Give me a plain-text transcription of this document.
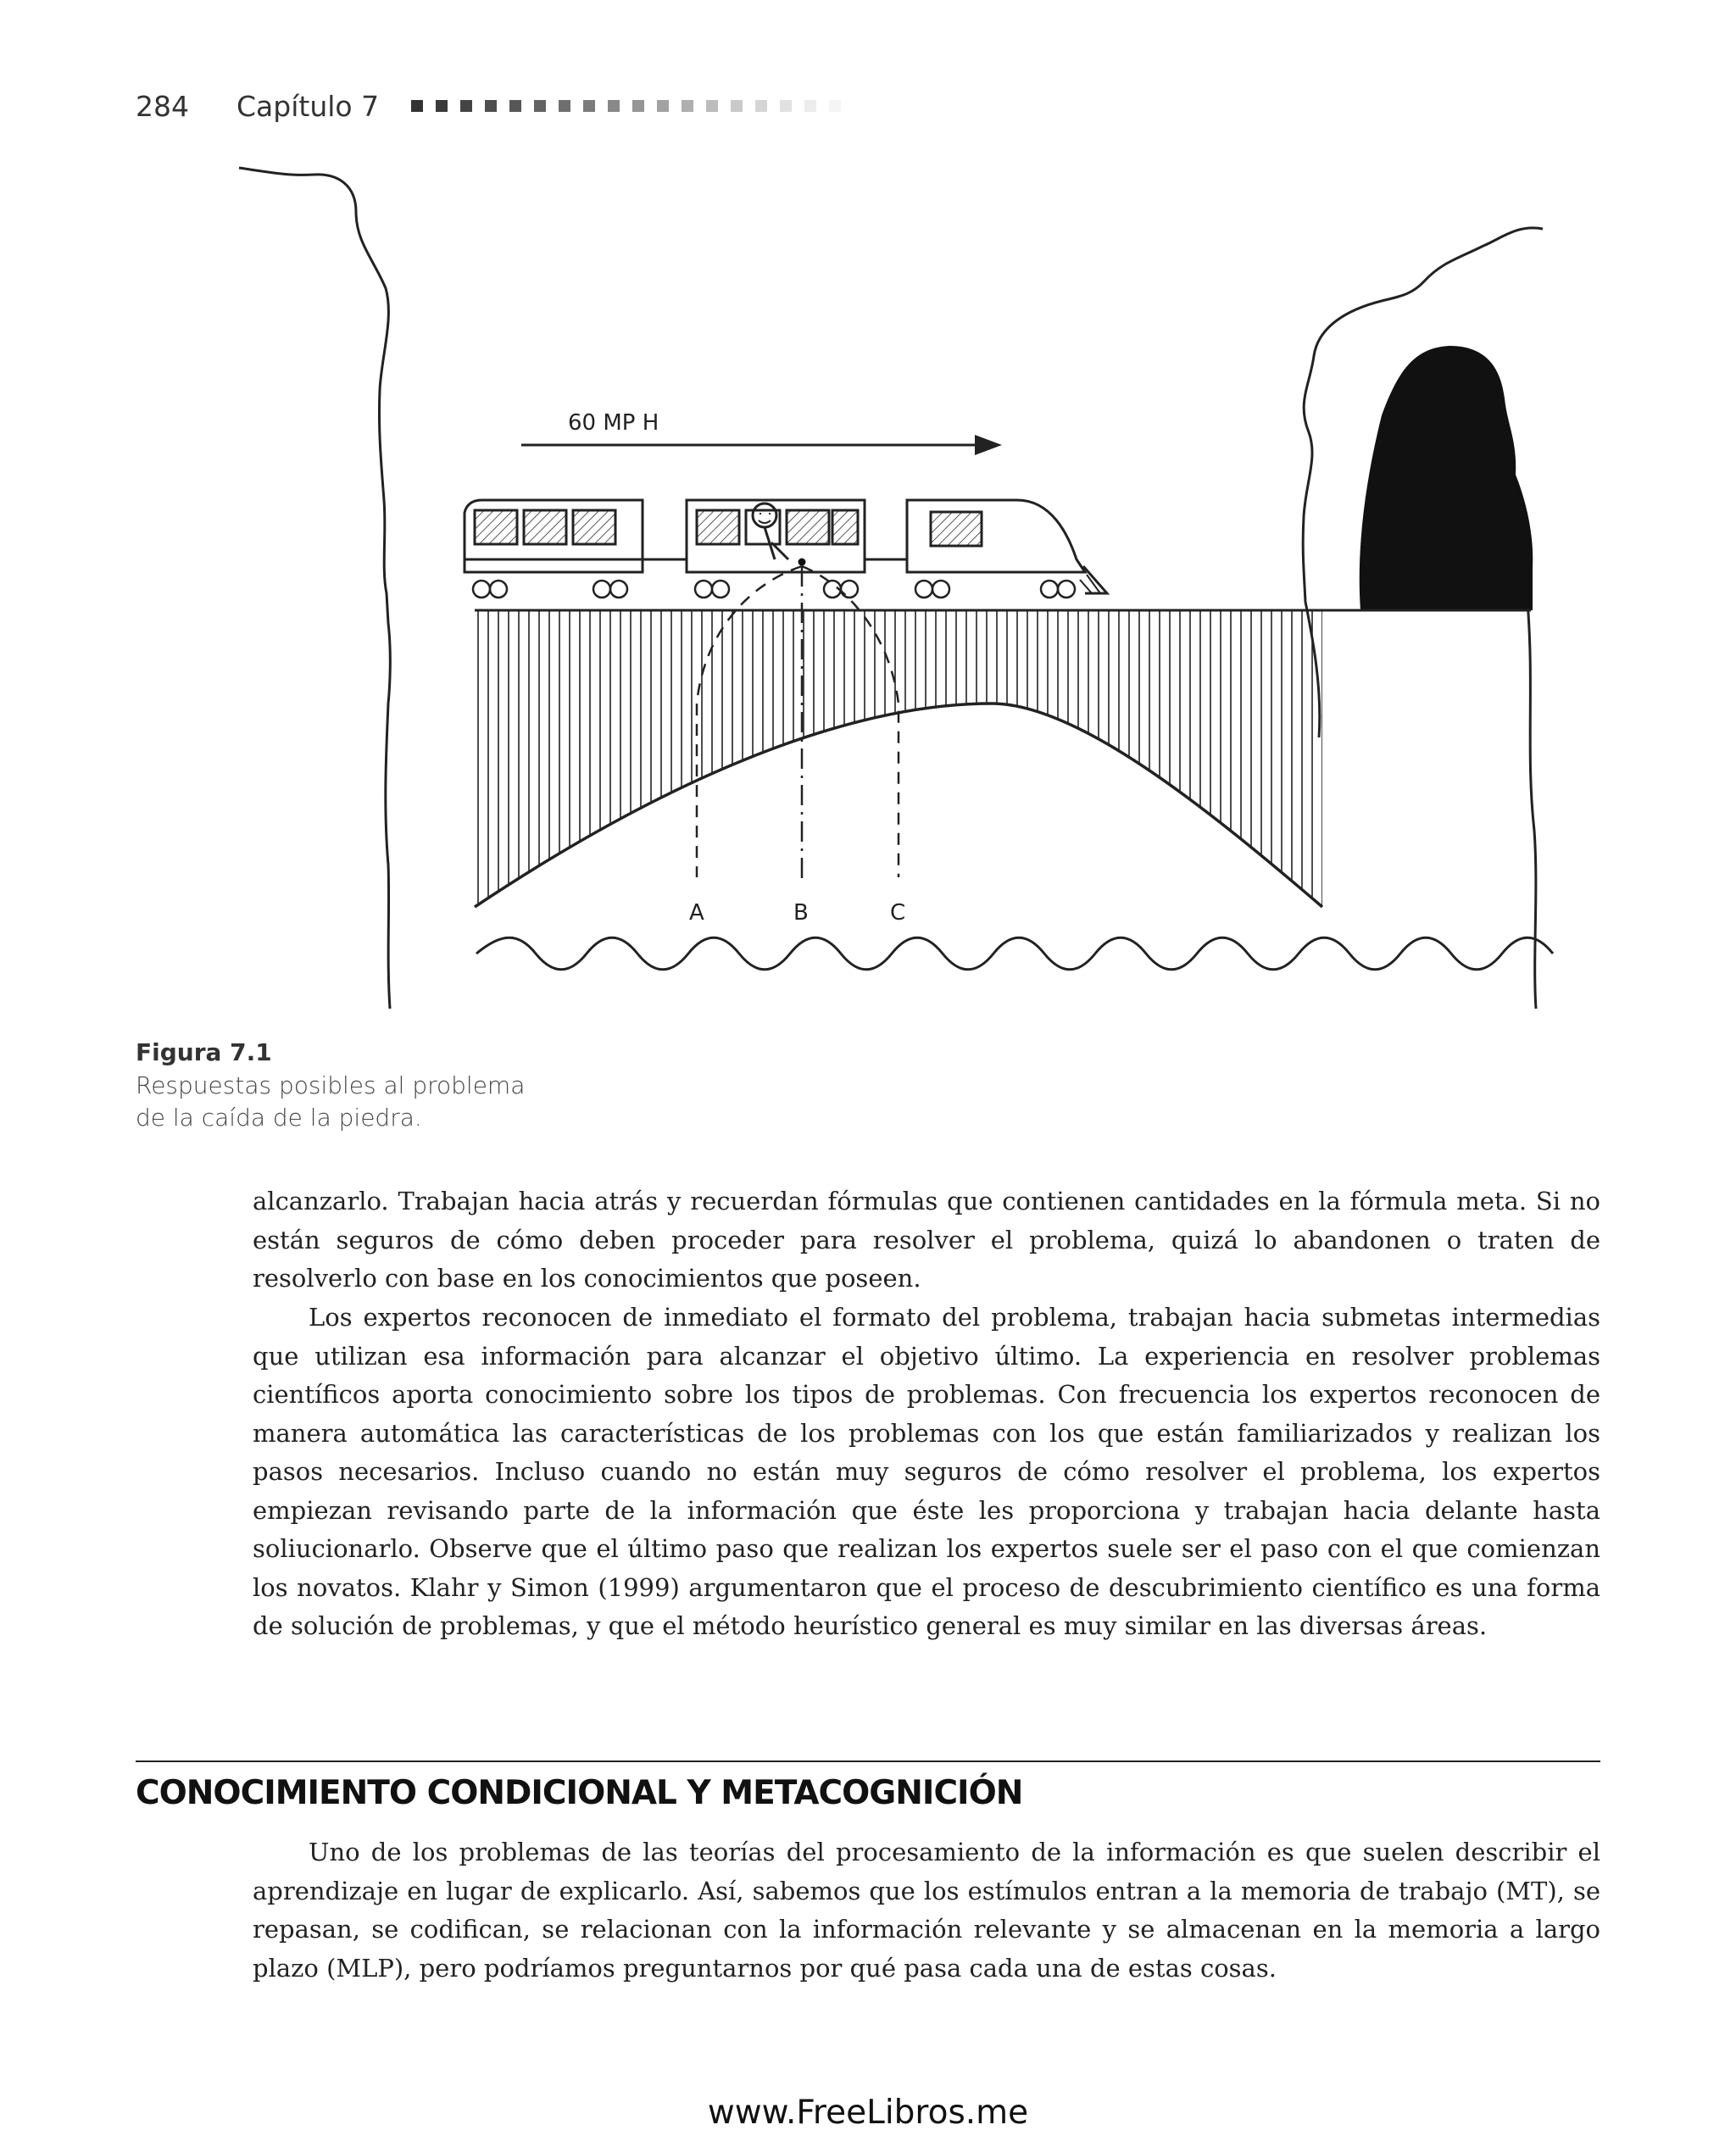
284 Capítulo 7
60 MP H
A	B	C

Figura 7.1

Respuestas posibles al problema

de la caída de la piedra.

alcanzarlo. Trabajan hacia atrás y recuerdan fórmulas que contienen cantidades en la fórmula meta. Si no están seguros de cómo deben proceder para resolver el problema, quizá lo abandonen o traten de resolverlo con base en los conocimientos que poseen.

Los expertos reconocen de inmediato el formato del problema, trabajan hacia submetas intermedias que utilizan esa información para alcanzar el objetivo último. La experiencia en resolver problemas científicos aporta conocimiento sobre los tipos de problemas. Con frecuencia los expertos reconocen de manera automática las características de los problemas con los que están familiarizados y realizan los pasos necesarios. Incluso cuando no están muy seguros de cómo resolver el problema, los expertos empiezan revisando parte de la información que éste les proporciona y trabajan hacia delante hasta soliucionarlo. Observe que el último paso que realizan los expertos suele ser el paso con el que comienzan los novatos. Klahr y Simon (1999) argumentaron que el proceso de descubrimiento científico es una forma de solución de problemas, y que el método heurístico general es muy similar en las diversas áreas.

CONOCIMIENTO CONDICIONAL Y METACOGNICIÓN

Uno de los problemas de las teorías del procesamiento de la información es que suelen describir el aprendizaje en lugar de explicarlo. Así, sabemos que los estímulos entran a la memoria de trabajo (MT), se repasan, se codifican, se relacionan con la información relevante y se almacenan en la memoria a largo plazo (MLP), pero podríamos preguntarnos por qué pasa cada una de estas cosas.

www.FreeLibros.me
